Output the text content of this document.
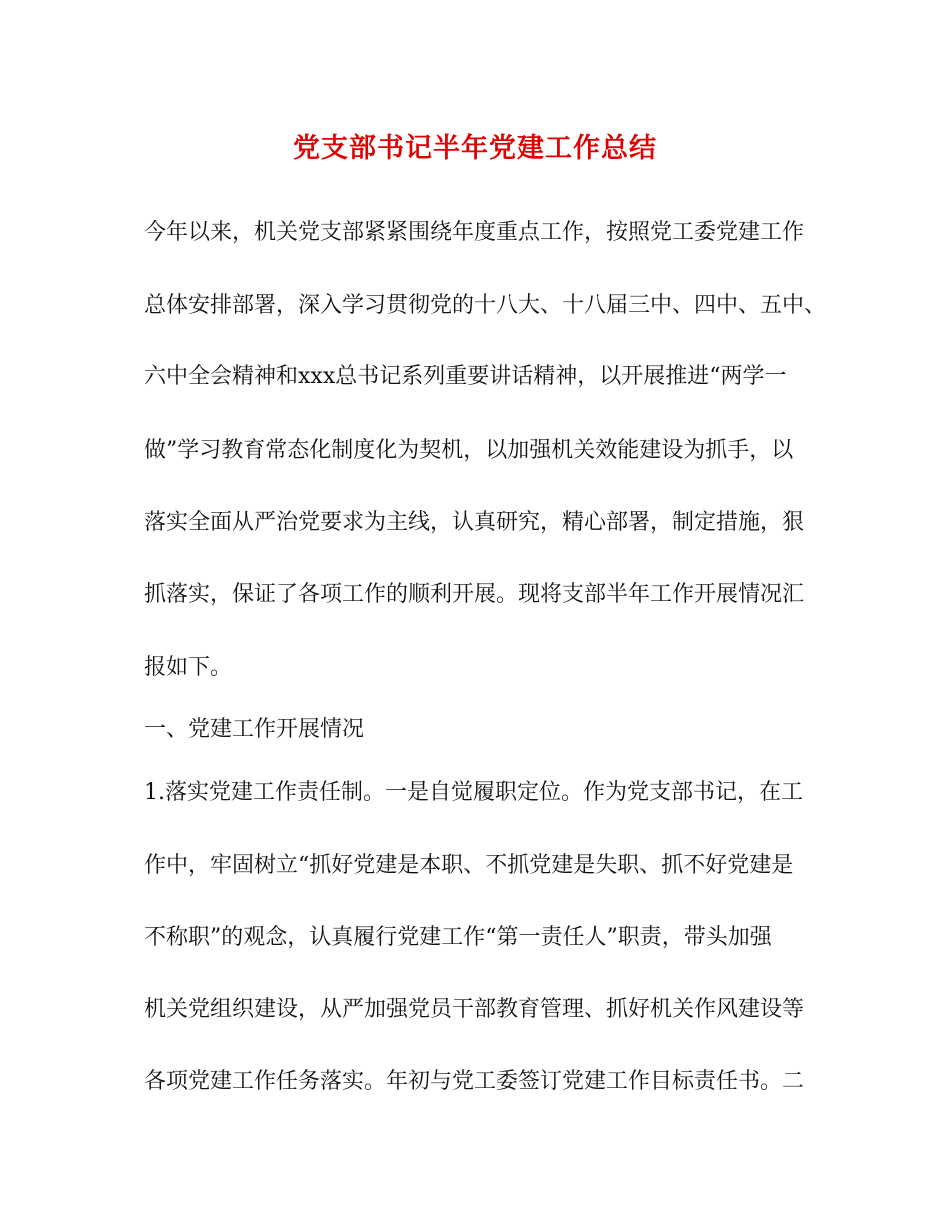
党支部书记半年党建工作总结
今年以来，机关党支部紧紧围绕年度重点工作，按照党工委党建工作
总体安排部署，深入学习贯彻党的十八大、十八届三中、四中、五中、
六中全会精神和xxx总书记系列重要讲话精神，以开展推进“两学一
做”学习教育常态化制度化为契机，以加强机关效能建设为抓手，以
落实全面从严治党要求为主线，认真研究，精心部署，制定措施，狠
抓落实，保证了各项工作的顺利开展。现将支部半年工作开展情况汇
报如下。
一、党建工作开展情况
1.落实党建工作责任制。一是自觉履职定位。作为党支部书记，在工
作中，牢固树立“抓好党建是本职、不抓党建是失职、抓不好党建是
不称职”的观念，认真履行党建工作“第一责任人”职责，带头加强
机关党组织建设，从严加强党员干部教育管理、抓好机关作风建设等
各项党建工作任务落实。年初与党工委签订党建工作目标责任书。二
